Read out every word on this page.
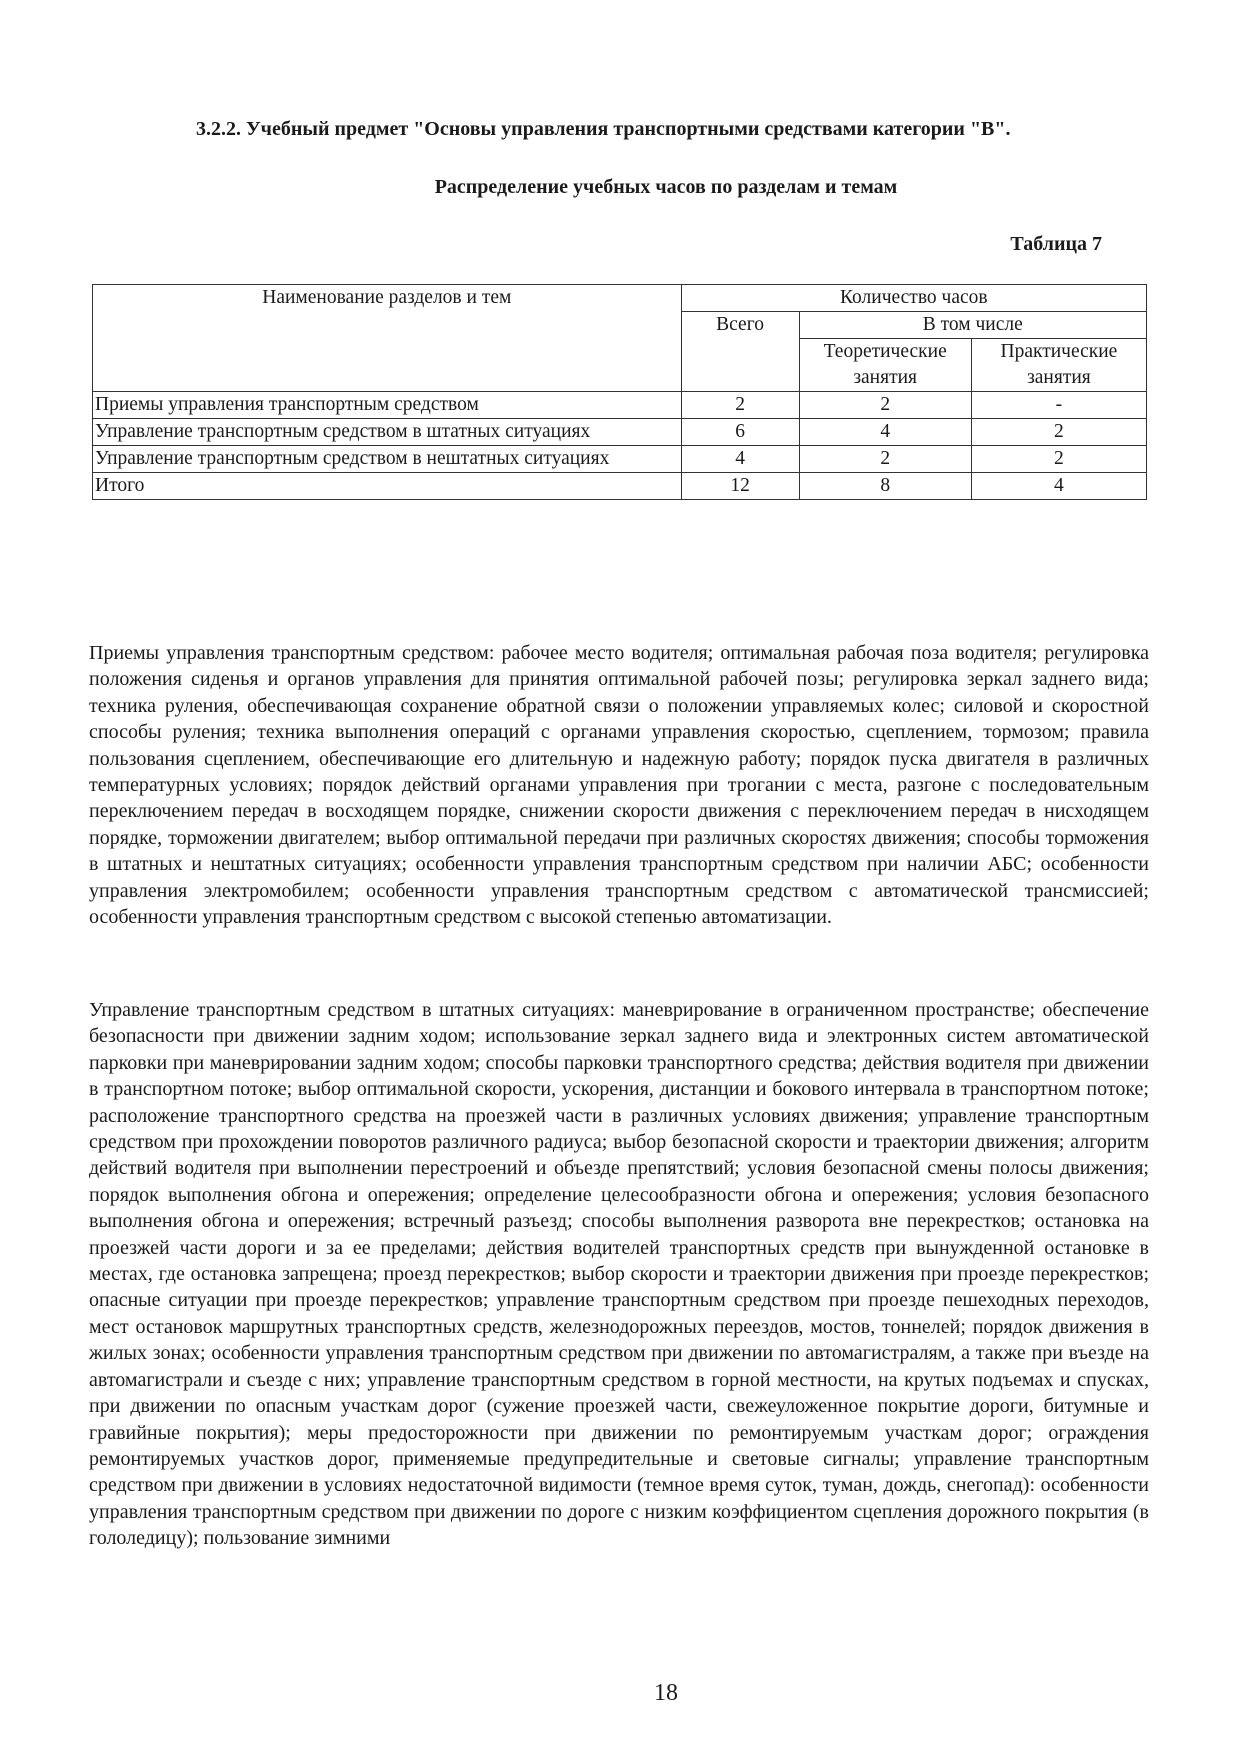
3.2.2. Учебный предмет "Основы управления транспортными средствами категории "B".
Распределение учебных часов по разделам и темам
Таблица 7
Наименование разделов и тем	Количество часов		
	Всего	В том числе	
		Теоретические занятия	Практические занятия
Приемы управления транспортным средством	2	2	-
Управление транспортным средством в штатных ситуациях	6	4	2
Управление транспортным средством в нештатных ситуациях	4	2	2
Итого	12	8	4
Приемы управления транспортным средством: рабочее место водителя; оптимальная рабочая поза водителя; регулировка положения сиденья и органов управления для принятия оптимальной рабочей позы; регулировка зеркал заднего вида; техника руления, обеспечивающая сохранение обратной связи о положении управляемых колес; силовой и скоростной способы руления; техника выполнения операций с органами управления скоростью, сцеплением, тормозом; правила пользования сцеплением, обеспечивающие его длительную и надежную работу; порядок пуска двигателя в различных температурных условиях; порядок действий органами управления при трогании с места, разгоне с последовательным переключением передач в восходящем порядке, снижении скорости движения с переключением передач в нисходящем порядке, торможении двигателем; выбор оптимальной передачи при различных скоростях движения; способы торможения в штатных и нештатных ситуациях; особенности управления транспортным средством при наличии АБС; особенности управления электромобилем; особенности управления транспортным средством с автоматической трансмиссией; особенности управления транспортным средством с высокой степенью автоматизации.
Управление транспортным средством в штатных ситуациях: маневрирование в ограниченном пространстве; обеспечение безопасности при движении задним ходом; использование зеркал заднего вида и электронных систем автоматической парковки при маневрировании задним ходом; способы парковки транспортного средства; действия водителя при движении в транспортном потоке; выбор оптимальной скорости, ускорения, дистанции и бокового интервала в транспортном потоке; расположение транспортного средства на проезжей части в различных условиях движения; управление транспортным средством при прохождении поворотов различного радиуса; выбор безопасной скорости и траектории движения; алгоритм действий водителя при выполнении перестроений и объезде препятствий; условия безопасной смены полосы движения; порядок выполнения обгона и опережения; определение целесообразности обгона и опережения; условия безопасного выполнения обгона и опережения; встречный разъезд; способы выполнения разворота вне перекрестков; остановка на проезжей части дороги и за ее пределами; действия водителей транспортных средств при вынужденной остановке в местах, где остановка запрещена; проезд перекрестков; выбор скорости и траектории движения при проезде перекрестков; опасные ситуации при проезде перекрестков; управление транспортным средством при проезде пешеходных переходов, мест остановок маршрутных транспортных средств, железнодорожных переездов, мостов, тоннелей; порядок движения в жилых зонах; особенности управления транспортным средством при движении по автомагистралям, а также при въезде на автомагистрали и съезде с них; управление транспортным средством в горной местности, на крутых подъемах и спусках, при движении по опасным участкам дорог (сужение проезжей части, свежеуложенное покрытие дороги, битумные и гравийные покрытия); меры предосторожности при движении по ремонтируемым участкам дорог; ограждения ремонтируемых участков дорог, применяемые предупредительные и световые сигналы; управление транспортным средством при движении в условиях недостаточной видимости (темное время суток, туман, дождь, снегопад): особенности управления транспортным средством при движении по дороге с низким коэффициентом сцепления дорожного покрытия (в гололедицу); пользование зимними
18
